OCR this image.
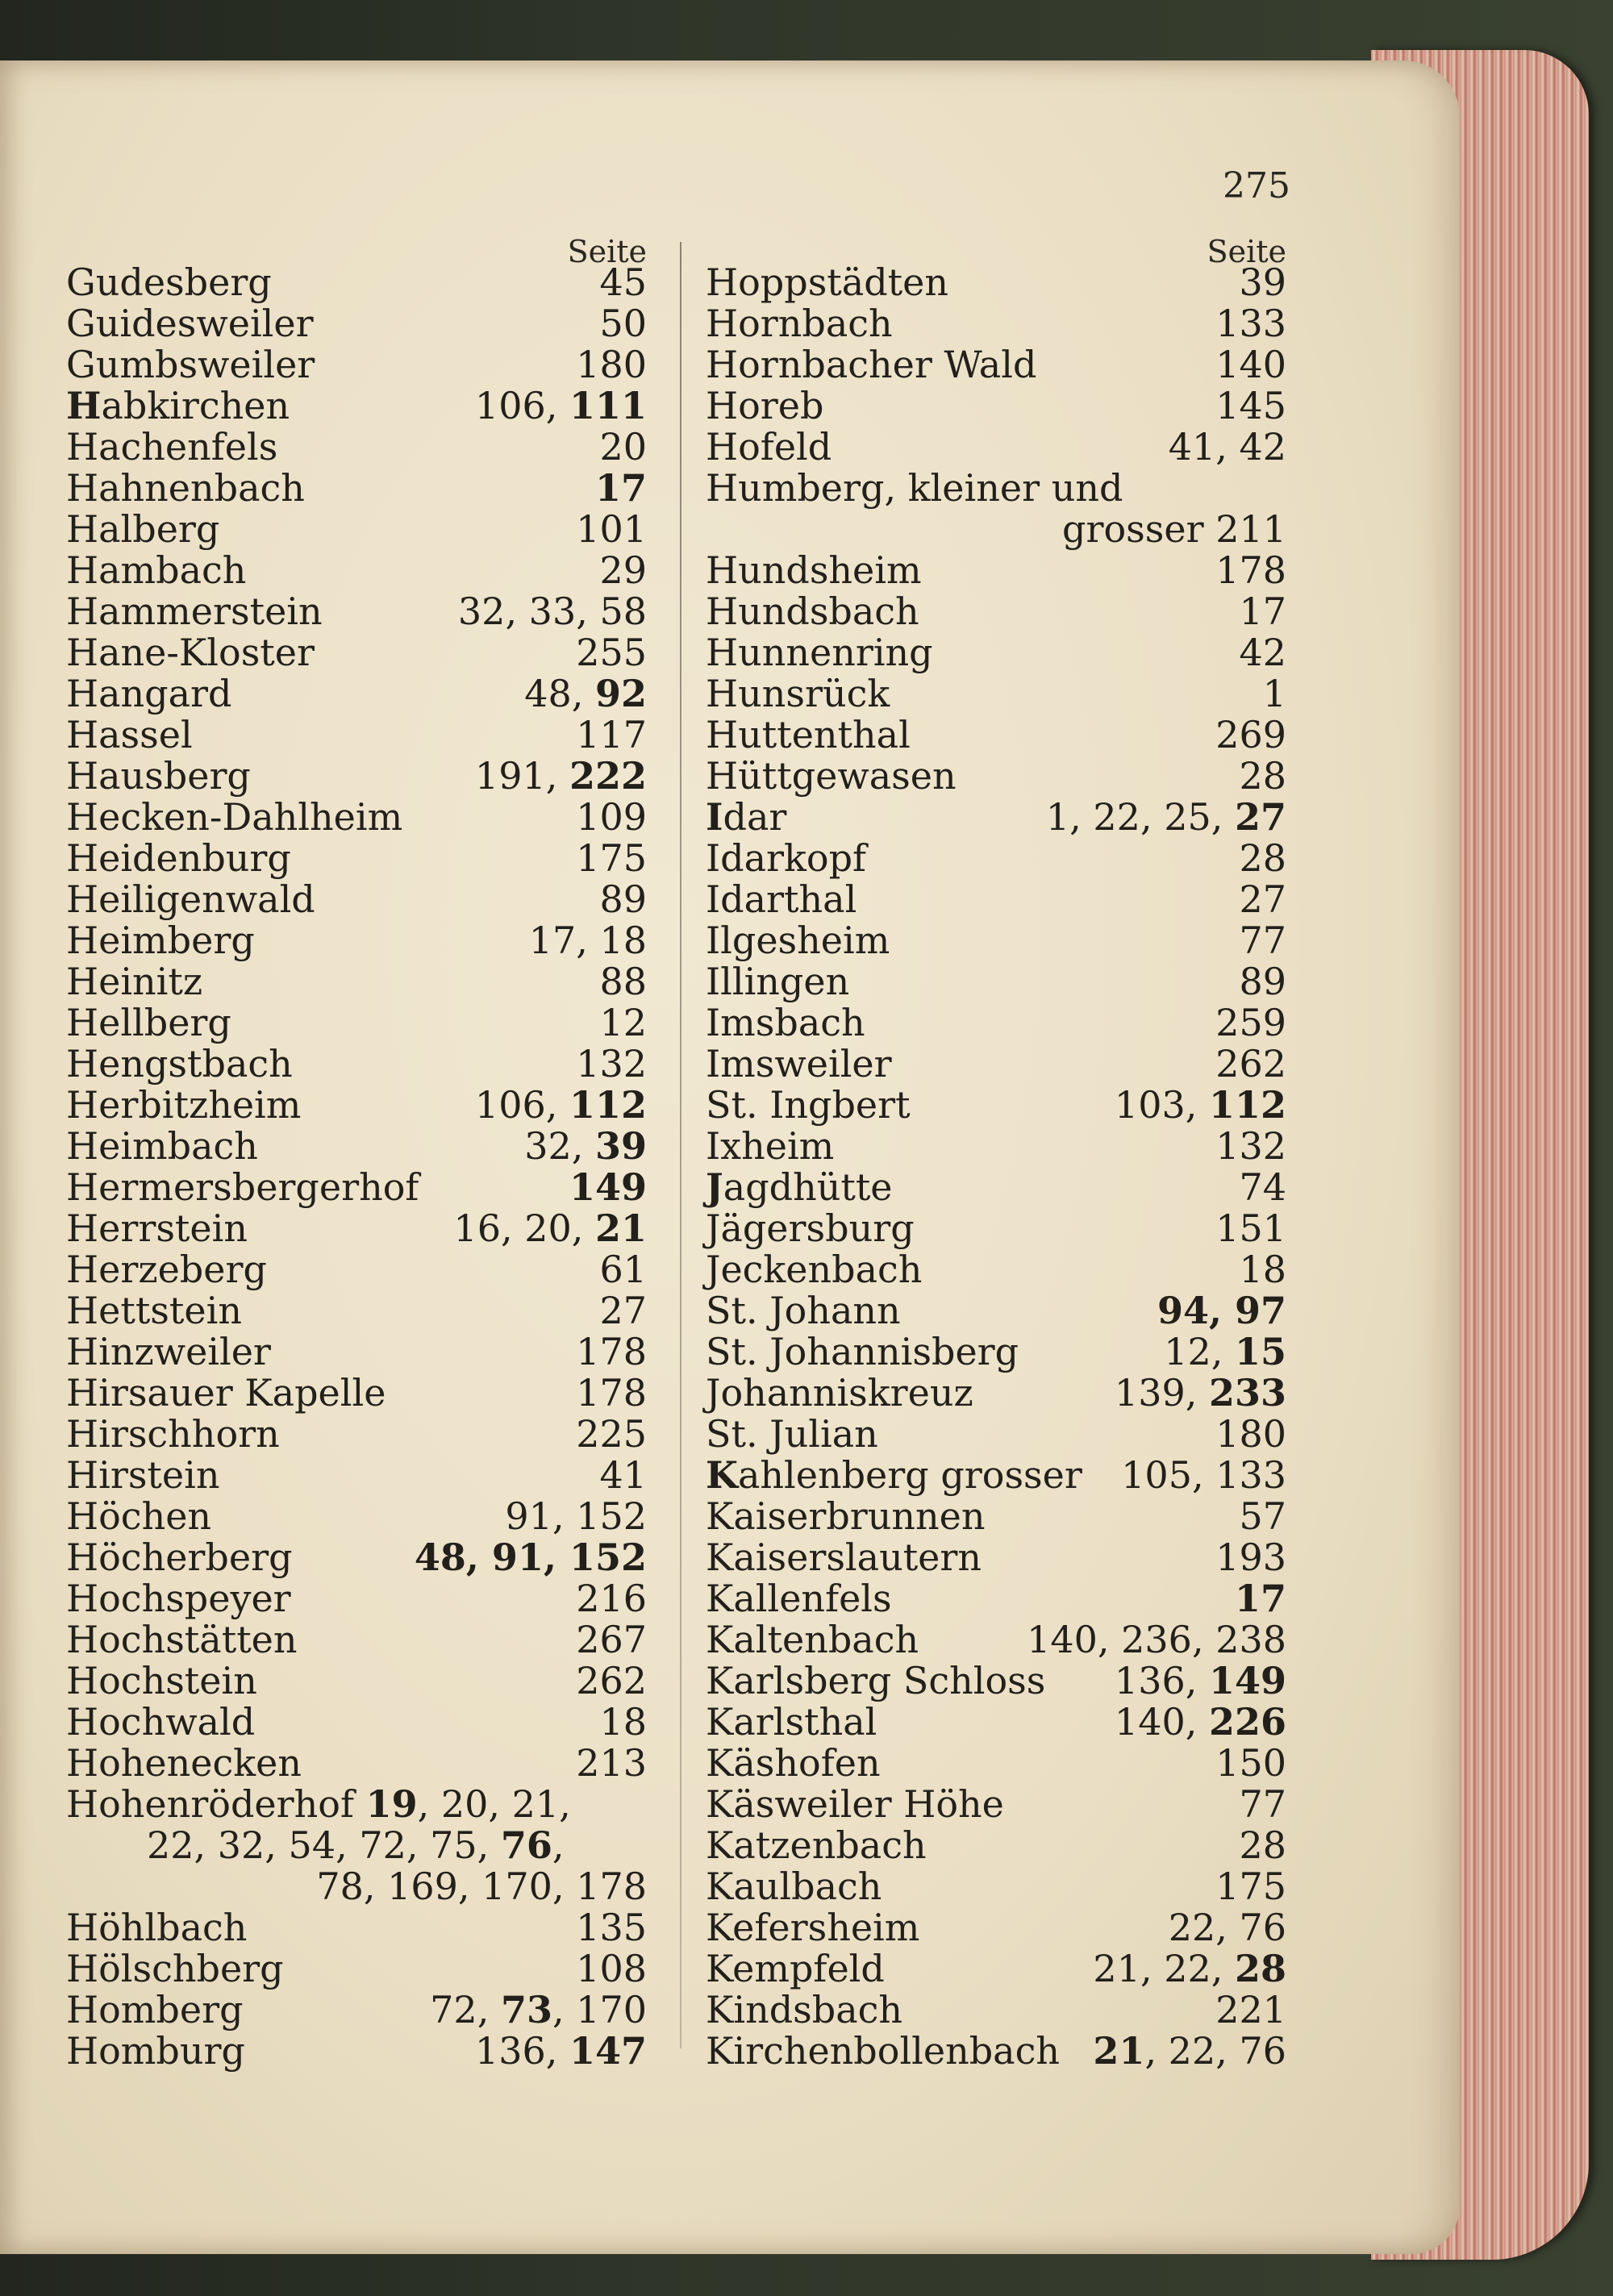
275
Seite
Gudesberg	45
Guidesweiler	50
Gumbsweiler	180
Habkirchen	106, 111
Hachenfels	20
Hahnenbach	17
Halberg	101
Hambach	29
Hammerstein	32, 33, 58
Hane-Kloster	255
Hangard	48, 92
Hassel	117
Hausberg	191, 222
Hecken-Dahlheim	109
Heidenburg	175
Heiligenwald	89
Heimberg	17, 18
Heinitz	88
Hellberg	12
Hengstbach	132
Herbitzheim	106, 112
Heimbach	32, 39
Hermersbergerhof	149
Herrstein	16, 20, 21
Herzeberg	61
Hettstein	27
Hinzweiler	178
Hirsauer Kapelle	178
Hirschhorn	225
Hirstein	41
Höchen	91, 152
Höcherberg	48, 91, 152
Hochspeyer	216
Hochstätten	267
Hochstein	262
Hochwald	18
Hohenecken	213
Hohenröderhof 19, 20, 21,
22, 32, 54, 72, 75, 76,
78, 169, 170, 178
Höhlbach	135
Hölschberg	108
Homberg	72, 73, 170
Homburg	136, 147
Seite
Hoppstädten	39
Hornbach	133
Hornbacher Wald	140
Horeb	145
Hofeld	41, 42
Humberg, kleiner und
grosser 211
Hundsheim	178
Hundsbach	17
Hunnenring	42
Hunsrück	1
Huttenthal	269
Hüttgewasen	28
Idar	1, 22, 25, 27
Idarkopf	28
Idarthal	27
Ilgesheim	77
Illingen	89
Imsbach	259
Imsweiler	262
St. Ingbert	103, 112
Ixheim	132
Jagdhütte	74
Jägersburg	151
Jeckenbach	18
St. Johann	94, 97
St. Johannisberg	12, 15
Johanniskreuz	139, 233
St. Julian	180
Kahlenberg grosser 105, 133
Kaiserbrunnen	57
Kaiserslautern	193
Kallenfels	17
Kaltenbach	140, 236, 238
Karlsberg Schloss 136, 149
Karlsthal	140, 226
Käshofen	150
Käsweiler Höhe	77
Katzenbach	28
Kaulbach	175
Kefersheim	22, 76
Kempfeld	21, 22, 28
Kindsbach	221
Kirchenbollenbach 21, 22, 76
